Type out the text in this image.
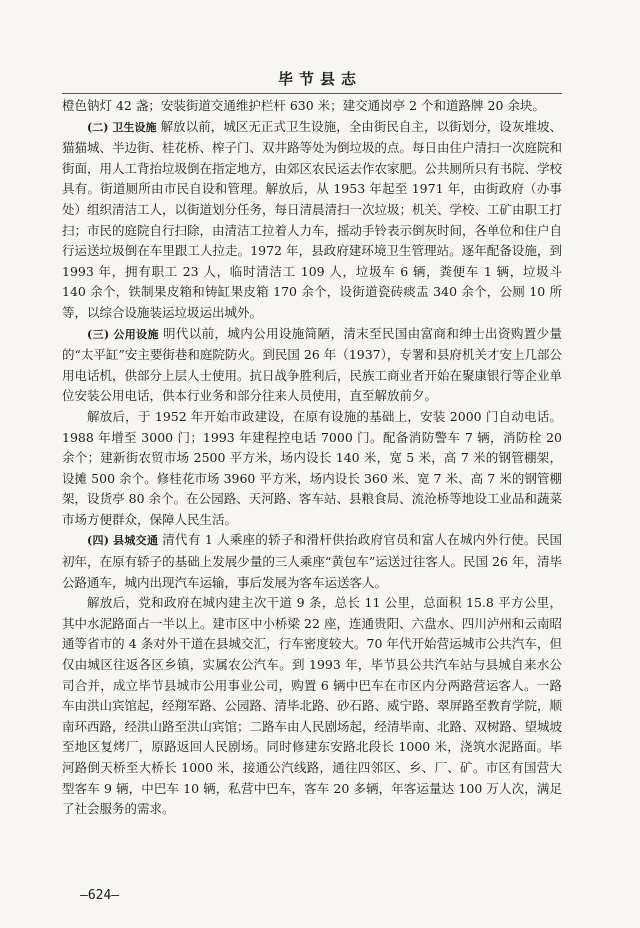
毕节县志

橙色钠灯 42 盏；安装街道交通维护栏杆 630 米；建交通岗亭 2 个和道路牌 20 余块。

(二) 卫生设施 解放以前，城区无正式卫生设施，全由街民自主，以街划分，设灰堆坡、猫猫城、半边街、桂花桥、榨子门、双井路等处为倒垃圾的点。每日由住户清扫一次庭院和街面，用人工背抬垃圾倒在指定地方，由郊区农民运去作农家肥。公共厕所只有书院、学校具有。街道厕所由市民自设和管理。解放后，从 1953 年起至 1971 年，由街政府（办事处）组织清洁工人，以街道划分任务，每日清晨清扫一次垃圾；机关、学校、工矿由职工打扫；市民的庭院自行扫除，由清洁工拉着人力车，摇动手铃表示倒灰时间，各单位和住户自行运送垃圾倒在车里跟工人拉走。1972 年，县政府建环境卫生管理站。逐年配备设施，到 1993 年，拥有职工 23 人，临时清洁工 109 人，垃圾车 6 辆，粪便车 1 辆，垃圾斗 140 余个，铁制果皮箱和铸缸果皮箱 170 余个，设街道瓷砖痰盂 340 余个，公厕 10 所等，以综合设施装运垃圾运出城外。

(三) 公用设施 明代以前，城内公用设施简陋，清末至民国由富商和绅士出资购置少量的“太平缸”安主要街巷和庭院防火。到民国 26 年（1937），专署和县府机关才安上几部公用电话机，供部分上层人士使用。抗日战争胜利后，民族工商业者开始在聚康银行等企业单位安装公用电话，供本行业务和部分往来人员使用，直至解放前夕。

解放后，于 1952 年开始市政建设，在原有设施的基础上，安装 2000 门自动电话。1988 年增至 3000 门；1993 年建程控电话 7000 门。配备消防警车 7 辆，消防栓 20 余个；建新街农贸市场 2500 平方米，场内设长 140 米，宽 5 米，高 7 米的钢管棚架，设摊 500 余个。修桂花市场 3960 平方米，场内设长 360 米、宽 7 米、高 7 米的钢管棚架，设货亭 80 余个。在公园路、天河路、客车站、县粮食局、流沧桥等地设工业品和蔬菜市场方便群众，保障人民生活。

(四) 县城交通 清代有 1 人乘座的轿子和滑杆供抬政府官员和富人在城内外行使。民国初年，在原有轿子的基础上发展少量的三人乘座“黄包车”运送过往客人。民国 26 年，清毕公路通车，城内出现汽车运输，事后发展为客车运送客人。

解放后，党和政府在城内建主次干道 9 条，总长 11 公里，总面积 15.8 平方公里，其中水泥路面占一半以上。建市区中小桥梁 22 座，连通贵阳、六盘水、四川泸州和云南昭通等省市的 4 条对外干道在县城交汇，行车密度较大。70 年代开始营运城市公共汽车，但仅由城区往返各区乡镇，实属农公汽车。到 1993 年，毕节县公共汽车站与县城自来水公司合并，成立毕节县城市公用事业公司，购置 6 辆中巴车在市区内分两路营运客人。一路车由洪山宾馆起，经翔军路、公园路、清毕北路、砂石路、威宁路、翠屏路至教育学院，顺南环西路，经洪山路至洪山宾馆；二路车由人民剧场起，经清毕南、北路、双树路、望城坡至地区复烤厂，原路返回人民剧场。同时修建东安路北段长 1000 米，浇筑水泥路面。毕河路倒天桥至大桥长 1000 米，接通公汽线路，通往四邻区、乡、厂、矿。市区有国营大型客车 9 辆，中巴车 10 辆，私营中巴车，客车 20 多辆，年客运量达 100 万人次，满足了社会服务的需求。

—624—
